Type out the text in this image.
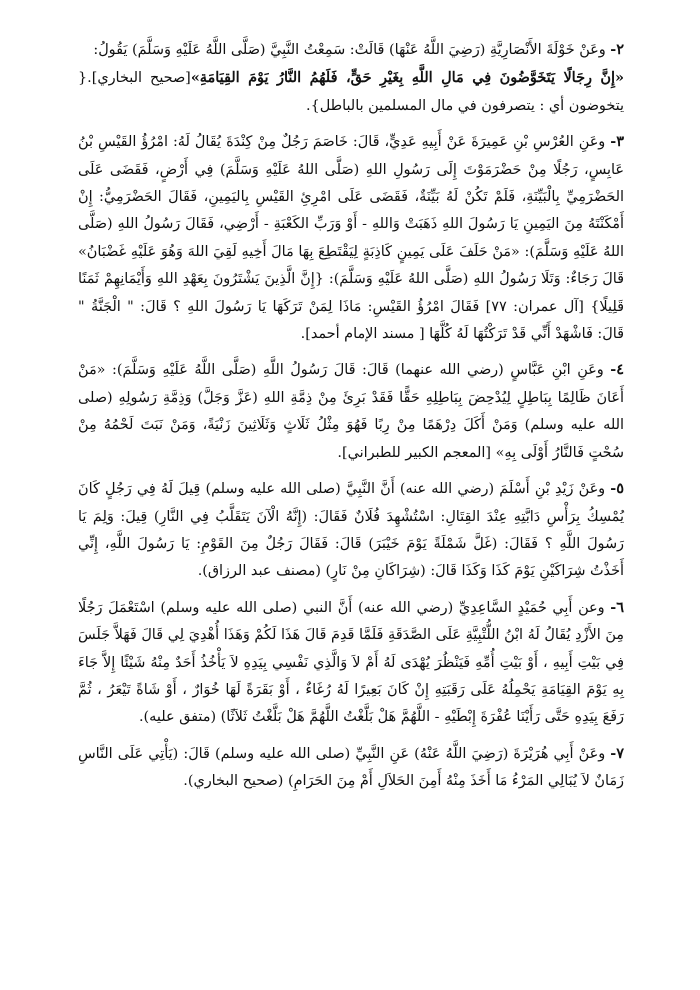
٢- وعَنْ خَوْلَةَ الأَنْصَارِيَّةِ (رَضِيَ اللَّهُ عَنْهَا) قَالَتْ: سَمِعْتُ النَّبِيَّ (صَلَّى اللَّهُ عَلَيْهِ وَسَلَّمَ) يَقُولُ:
«إِنَّ رِجَالًا يَتَخَوَّضُونَ فِي مَالِ اللَّهِ بِغَيْرِ حَقٍّ، فَلَهُمُ النَّارُ يَوْمَ القِيَامَةِ»[صحيح البخاري].{ يتخوضون أي : يتصرفون في مال المسلمين بالباطل}.

٣- وعَنِ العُرْسِ بْنِ عَمِيرَةَ عَنْ أَبِيهِ عَدِيٍّ، قَالَ: خَاصَمَ رَجُلٌ مِنْ كِنْدَةَ يُقَالُ لَهُ: امْرُؤُ القَيْسِ بْنُ عَابِسٍ، رَجُلًا مِنْ حَضْرَمَوْتَ إِلَى رَسُولِ اللهِ (صَلَّى اللهُ عَلَيْهِ وَسَلَّمَ) فِي أَرْضٍ، فَقَضَى عَلَى الحَضْرَمِيِّ بِالْبَيِّنَةِ، فَلَمْ تَكُنْ لَهُ بَيِّنَةٌ، فَقَضَى عَلَى امْرِئِ القَيْسِ بِاليَمِينِ، فَقَالَ الحَضْرَمِيُّ: إِنْ أَمْكَنْتَهُ مِنَ اليَمِينِ يَا رَسُولَ اللهِ ذَهَبَتْ وَاللهِ - أَوْ وَرَبِّ الكَعْبَةِ - أَرْضِي، فَقَالَ رَسُولُ اللهِ (صَلَّى اللهُ عَلَيْهِ وَسَلَّمَ): «مَنْ حَلَفَ عَلَى يَمِينٍ كَاذِبَةٍ لِيَقْتَطِعَ بِهَا مَالَ أَخِيهِ لَقِيَ اللهَ وَهُوَ عَلَيْهِ غَضْبَانُ» قَالَ رَجَاءٌ: وَتَلَا رَسُولُ اللهِ (صَلَّى اللهُ عَلَيْهِ وَسَلَّمَ): {إِنَّ الَّذِينَ يَشْتَرُونَ بِعَهْدِ اللهِ وَأَيْمَانِهِمْ ثَمَنًا قَلِيلًا} [آل عمران: ٧٧] فَقَالَ امْرُؤُ القَيْسِ: مَاذَا لِمَنْ تَرَكَهَا يَا رَسُولَ اللهِ ؟ قَالَ: " الْجَنَّةُ " قَالَ: فَاشْهَدْ أَنِّي قَدْ تَرَكْتُهَا لَهُ كُلَّهَا [ مسند الإمام أحمد].

٤- وعَنِ ابْنِ عَبَّاسٍ (رضي الله عنهما) قَالَ: قَالَ رَسُولُ اللَّهِ (صَلَّى اللَّهُ عَلَيْهِ وَسَلَّمَ): «مَنْ أَعَانَ ظَالِمًا بِبَاطِلٍ لِيُدْحِضَ بِبَاطِلِهِ حَقًّا فَقَدْ بَرِئَ مِنْ ذِمَّةِ اللهِ (عَزَّ وَجَلَّ) وَذِمَّةِ رَسُولِهِ (صلى الله عليه وسلم) وَمَنْ أَكَلَ دِرْهَمًا مِنْ رِبًا فَهُوَ مِثْلُ ثَلَاثٍ وَثَلَاثِينَ زَنْيَةً، وَمَنْ نَبَتَ لَحْمُهُ مِنْ سُحْتٍ فَالنَّارُ أَوْلَى بِهِ» [المعجم الكبير للطبراني].

٥- وعَنْ زَيْدِ بْنِ أَسْلَمَ (رضي الله عنه) أَنَّ النَّبِيَّ (صلى الله عليه وسلم) قِيلَ لَهُ فِي رَجُلٍ كَانَ يُمْسِكُ بِرَأْسِ دَابَّتِهِ عِنْدَ القِتَالِ: اسْتُشْهِدَ فُلَانٌ فَقَالَ: (إِنَّهُ الْآنَ يَتَقَلَّبُ فِي النَّارِ) قِيلَ: وَلِمَ يَا رَسُولَ اللَّهِ ؟ فَقَالَ: (غَلَّ شَمْلَةً يَوْمَ خَيْبَرَ) قَالَ: فَقَالَ رَجُلٌ مِنَ القَوْمِ: يَا رَسُولَ اللَّهِ، إِنِّي أَخَذْتُ شِرَاكَيْنِ يَوْمَ كَذَا وَكَذَا قَالَ: (شِرَاكَانِ مِنْ نَارٍ) (مصنف عبد الرزاق).

٦- وعن أَبِي حُمَيْدٍ السَّاعِدِيِّ (رضي الله عنه) أَنَّ النبي (صلى الله عليه وسلم) اسْتَعْمَلَ رَجُلًا مِنَ الأَزْدِ يُقَالُ لَهُ ابْنُ اللُّتْبِيَّةِ عَلَى الصَّدَقَةِ فَلَمَّا قَدِمَ قَالَ هَذَا لَكُمْ وَهَذَا أُهْدِيَ لِي قَالَ فَهَلاَّ جَلَسَ فِي بَيْتِ أَبِيهِ ، أَوْ بَيْتِ أُمِّهِ فَيَنْظُرَ يُهْدَى لَهُ أَمْ لاَ وَالَّذِي نَفْسِي بِيَدِهِ لاَ يَأْخُذُ أَحَدٌ مِنْهُ شَيْئًا إِلاَّ جَاءَ بِهِ يَوْمَ القِيَامَةِ يَحْمِلُهُ عَلَى رَقَبَتِهِ إِنْ كَانَ بَعِيرًا لَهُ رُغَاءٌ ، أَوْ بَقَرَةً لَهَا خُوَارٌ ، أَوْ شَاةً تَيْعَرُ ، ثُمَّ رَفَعَ بِيَدِهِ حَتَّى رَأَيْنَا عُفْرَةَ إِبْطَيْهِ - اللَّهُمَّ هَلْ بَلَّغْتُ اللَّهُمَّ هَلْ بَلَّغْتُ ثَلاَثًا) (متفق عليه).

٧- وعَنْ أَبِي هُرَيْرَةَ (رَضِيَ اللَّهُ عَنْهُ) عَنِ النَّبِيِّ (صلى الله عليه وسلم) قَالَ: (يَأْتِي عَلَى النَّاسِ زَمَانٌ لاَ يُبَالِي المَرْءُ مَا أَخَذَ مِنْهُ أَمِنَ الحَلاَلِ أَمْ مِنَ الحَرَامِ) (صحيح البخاري).
